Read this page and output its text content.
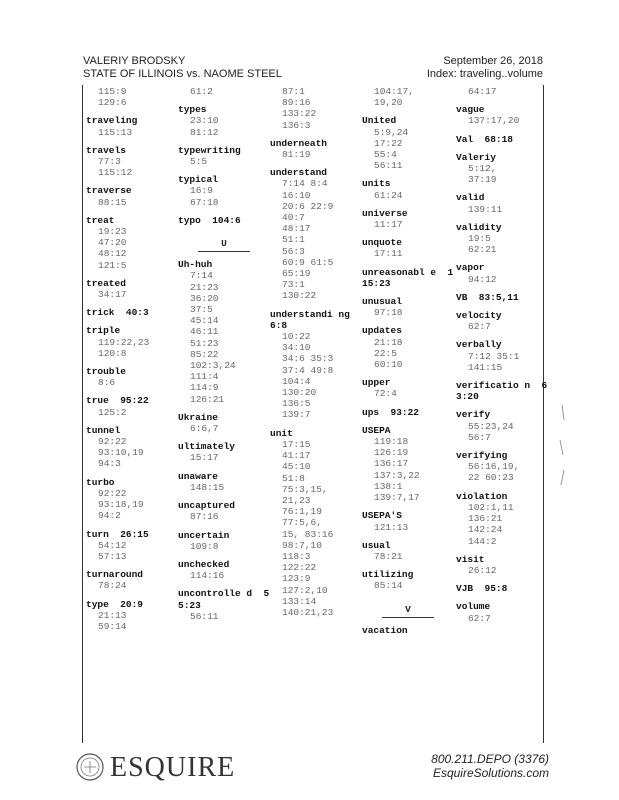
VALERIY BRODSKY
STATE OF ILLINOIS vs. NAOME STEEL
September 26, 2018
Index: traveling..volume
115:9
129:6
traveling
115:13
travels
77:3
115:12
traverse
88:15
treat
19:23
47:20
48:12
121:5
treated
34:17
trick  40:3
triple
119:22,23
120:8
trouble
8:6
true  95:22
125:2
tunnel
92:22
93:10,19
94:3
turbo
92:22
93:18,19
94:2
turn  26:15
54:12
57:13
turnaround
78:24
type  20:9
21:13
59:14
61:2
types
23:10
81:12
typewriting
5:5
typical
16:9
67:18
typo  104:6
U
Uh-huh
7:14
21:23
36:20
37:5
45:14
46:11
51:23
85:22
102:3,24
111:4
114:9
126:21
Ukraine
6:6,7
ultimately
15:17
unaware
148:15
uncaptured
87:16
uncertain
109:8
unchecked
114:16
uncontrolle d  55:23
56:11
87:1
89:16
133:22
136:3
underneath
81:19
understand
7:14 8:4
16:10
20:6 22:9
40:7
48:17
51:1
56:3
60:9 61:5
65:19
73:1
130:22
understandi ng  6:8
10:22
34:10
34:6 35:3
37:4 49:8
104:4
130:20
136:5
139:7
unit
17:15
41:17
45:10
51:8
75:3,15,
21,23
76:1,19
77:5,6,
15, 83:16
98:7,10
118:3
122:22
123:9
127:2,10
133:14
140:21,23
104:17,
19,20
United
5:9,24
17:22
55:4
56:11
units
61:24
universe
11:17
unquote
17:11
unreasonabl e  115:23
unusual
97:18
updates
21:18
22:5
60:10
upper
72:4
ups  93:22
USEPA
119:18
126:19
136:17
137:3,22
138:1
139:7,17
USEPA'S
121:13
usual
78:21
utilizing
85:14
V
vacation
64:17
vague
137:17,20
Val  68:18
Valeriy
5:12,
37:19
valid
139:11
validity
19:5
62:21
vapor
94:12
VB  83:5,11
velocity
62:7
verbally
7:12 35:1
141:15
verificatio n  63:20
verify
55:23,24
56:7
verifying
56:16,19,
22 60:23
violation
102:1,11
136:21
142:24
144:2
visit
26:12
VJB  95:8
volume
62:7
ESQUIRE	800.211.DEPO (3376)
EsquireSolutions.com
